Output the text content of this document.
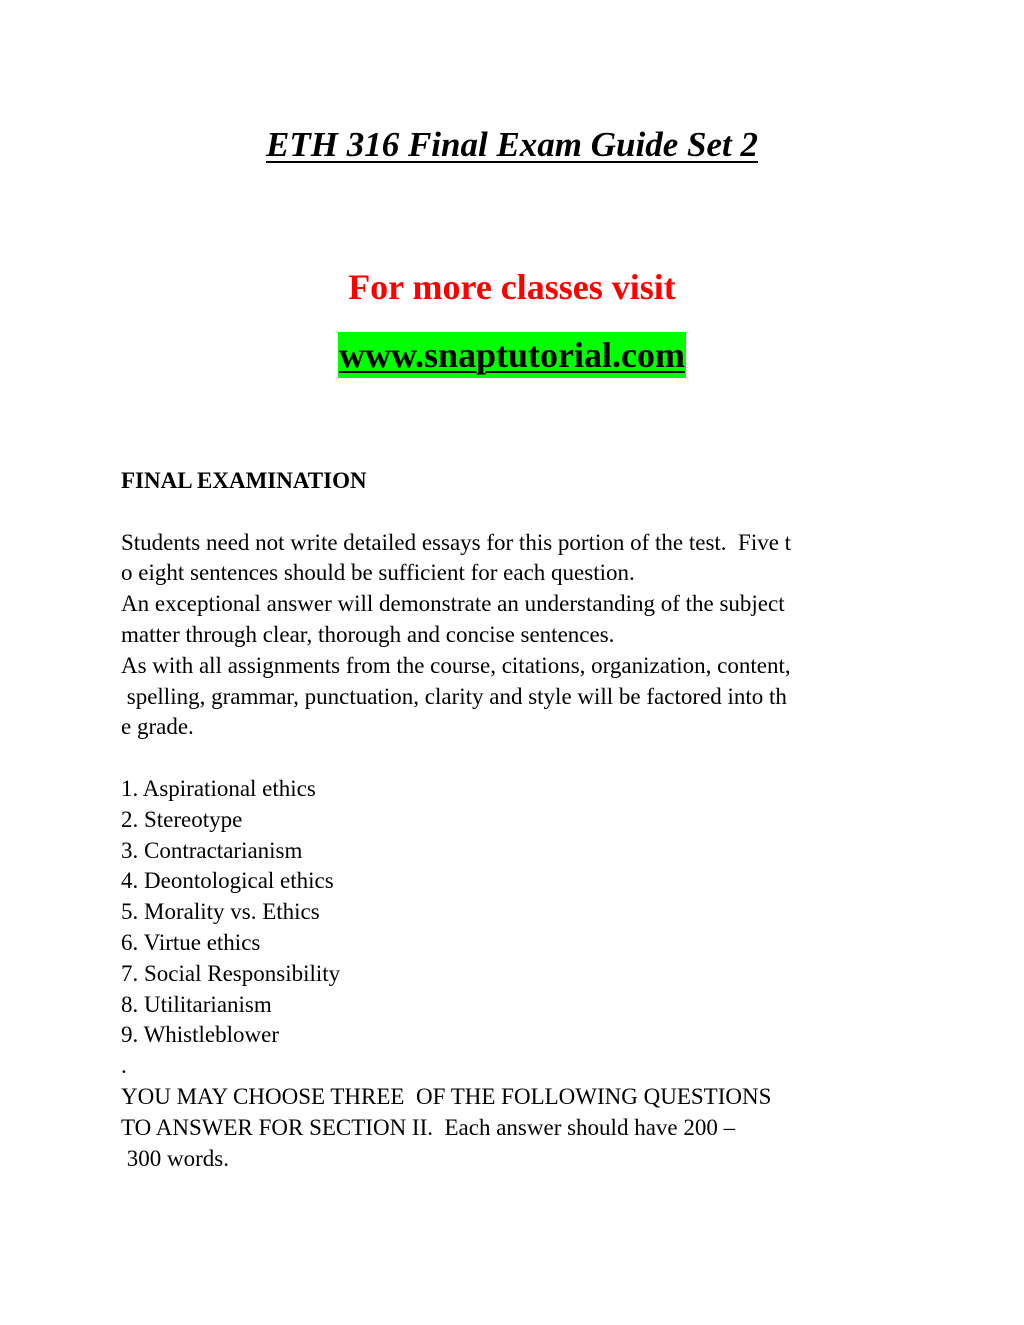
ETH 316 Final Exam Guide Set 2

For more classes visit

www.snaptutorial.com

FINAL EXAMINATION

Students need not write detailed essays for this portion of the test.  Five t
o eight sentences should be sufficient for each question.
An exceptional answer will demonstrate an understanding of the subject
matter through clear, thorough and concise sentences.
As with all assignments from the course, citations, organization, content,
spelling, grammar, punctuation, clarity and style will be factored into th
e grade.
1. Aspirational ethics
2. Stereotype
3. Contractarianism
4. Deontological ethics
5. Morality vs. Ethics
6. Virtue ethics
7. Social Responsibility
8. Utilitarianism
9. Whistleblower
.
YOU MAY CHOOSE THREE  OF THE FOLLOWING QUESTIONS
TO ANSWER FOR SECTION II.  Each answer should have 200 –
300 words.
